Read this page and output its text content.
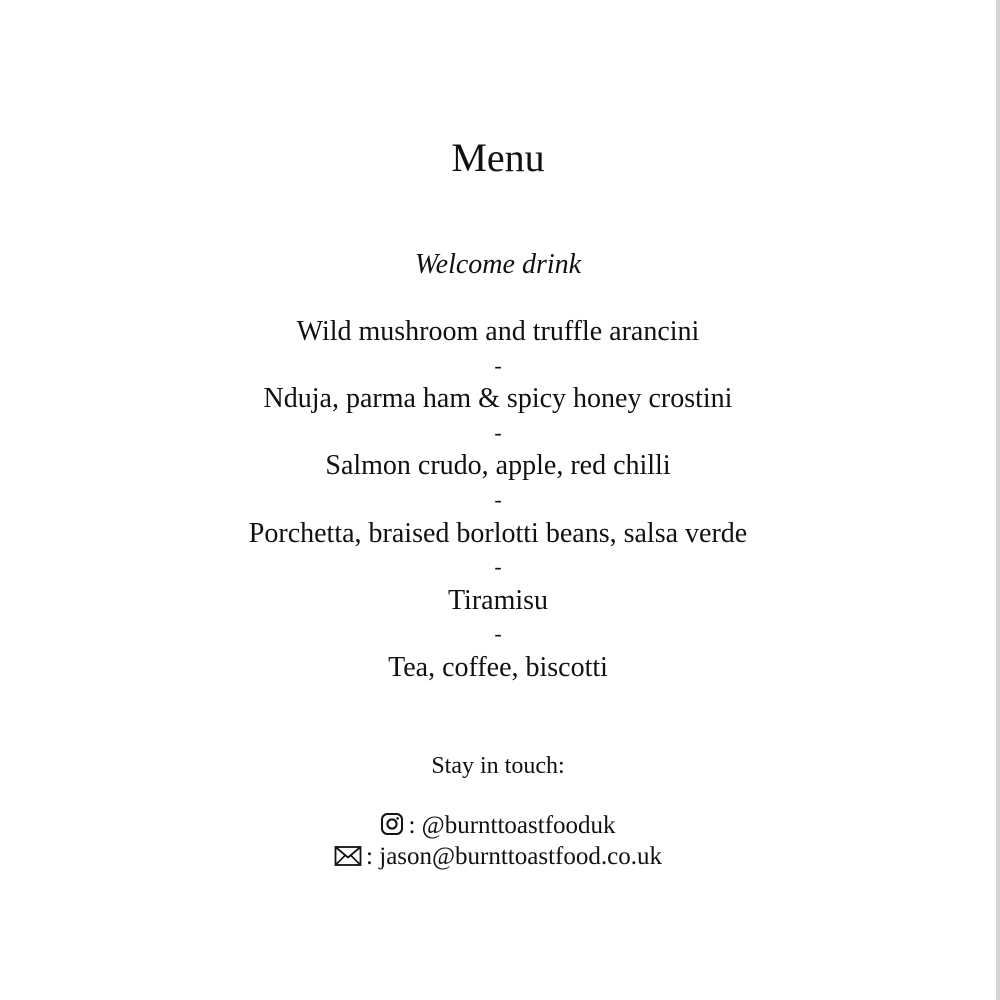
Menu
Welcome drink
Wild mushroom and truffle arancini
-
Nduja, parma ham & spicy honey crostini
-
Salmon crudo, apple, red chilli
-
Porchetta, braised borlotti beans, salsa verde
-
Tiramisu
-
Tea, coffee, biscotti
Stay in touch:
: @burnttoastfooduk
: jason@burnttoastfood.co.uk
